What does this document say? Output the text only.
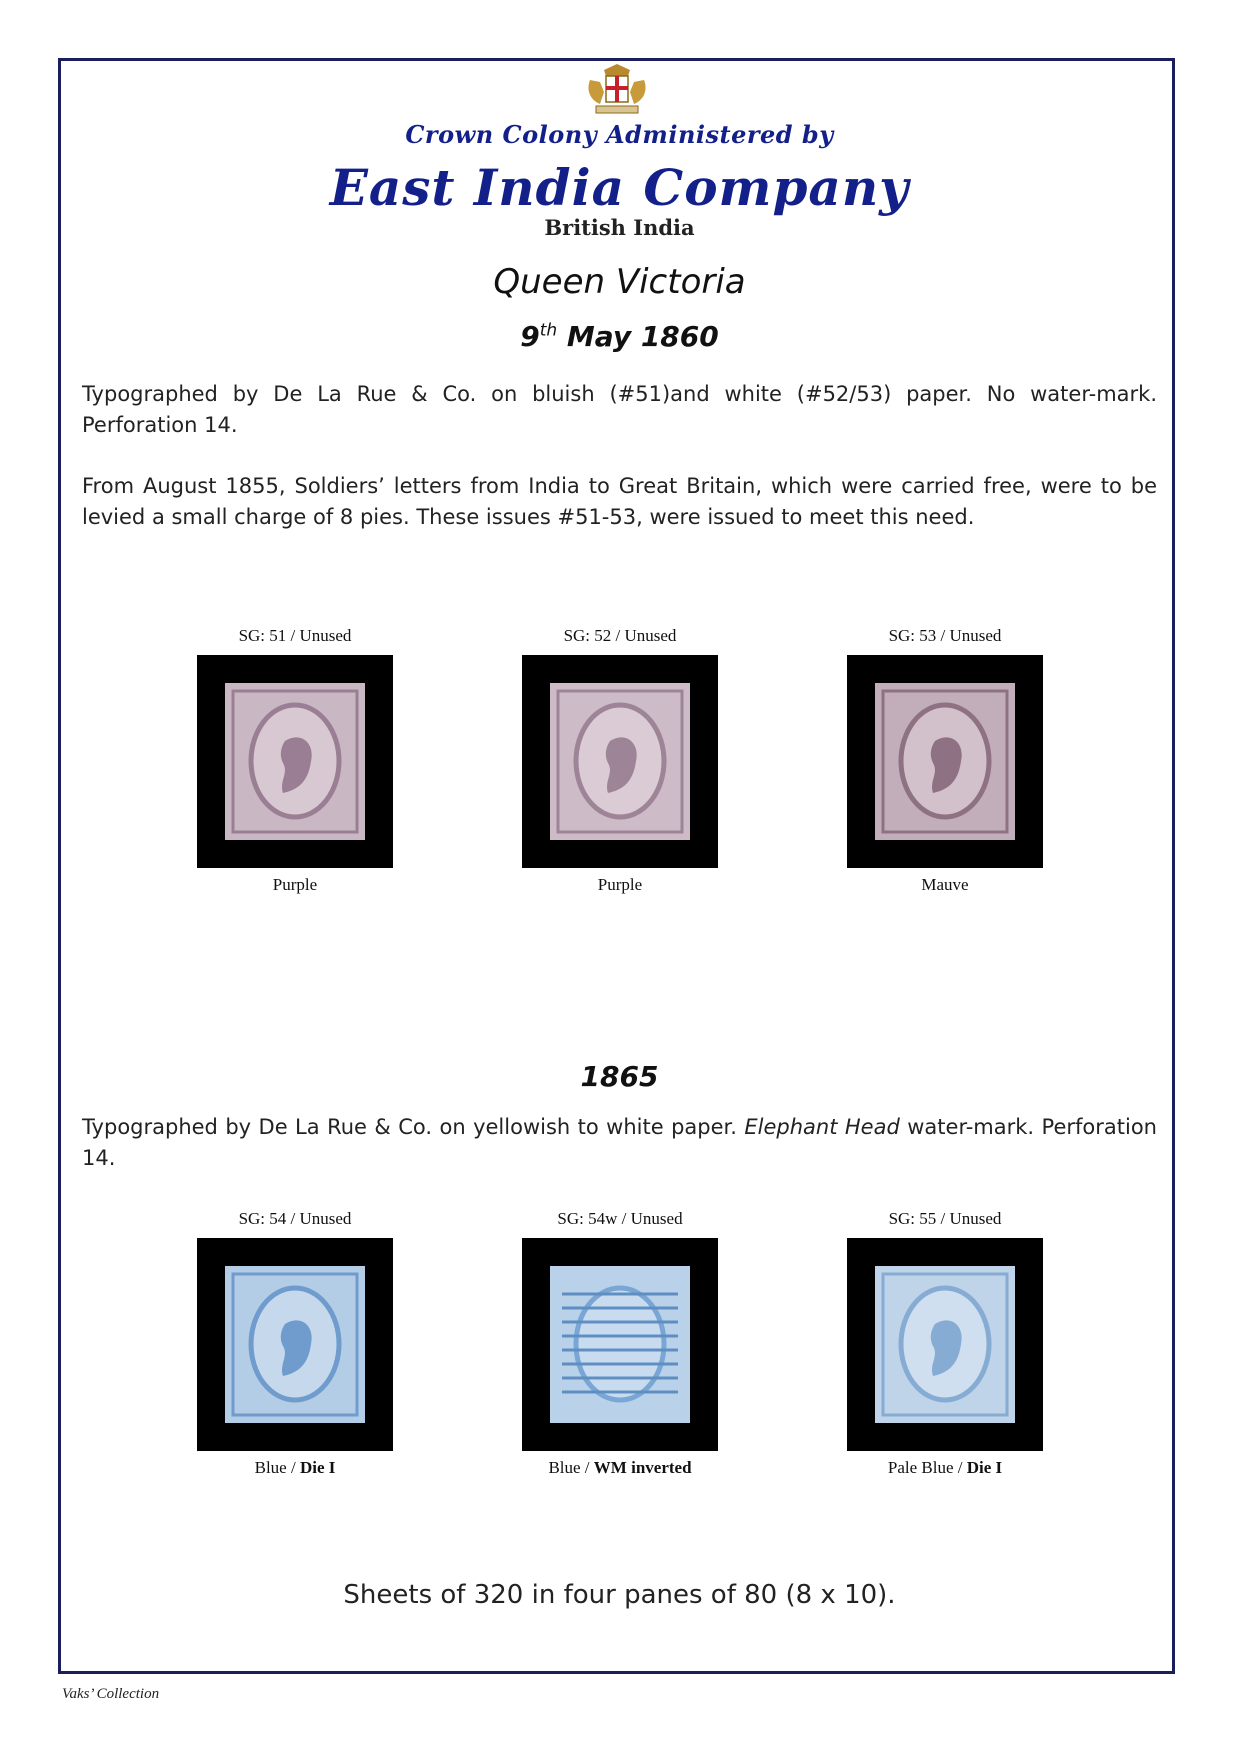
Crown Colony Administered by
East India Company
British India
Queen Victoria
9th May 1860
Typographed by De La Rue & Co. on bluish (#51)and white (#52/53) paper. No water-mark. Perforation 14.
From August 1855, Soldiers’ letters from India to Great Britain, which were carried free, were to be levied a small charge of 8 pies. These issues #51-53, were issued to meet this need.
SG: 51 / Unused
Purple
SG: 52 / Unused
Purple
SG: 53 / Unused
Mauve
1865
Typographed by De La Rue & Co. on yellowish to white paper. Elephant Head water-mark. Perforation 14.
SG: 54 / Unused
Blue / Die I
SG: 54w / Unused
Blue / WM inverted
SG: 55 / Unused
Pale Blue / Die I
Sheets of 320 in four panes of 80 (8 x 10).
Vaks’ Collection
